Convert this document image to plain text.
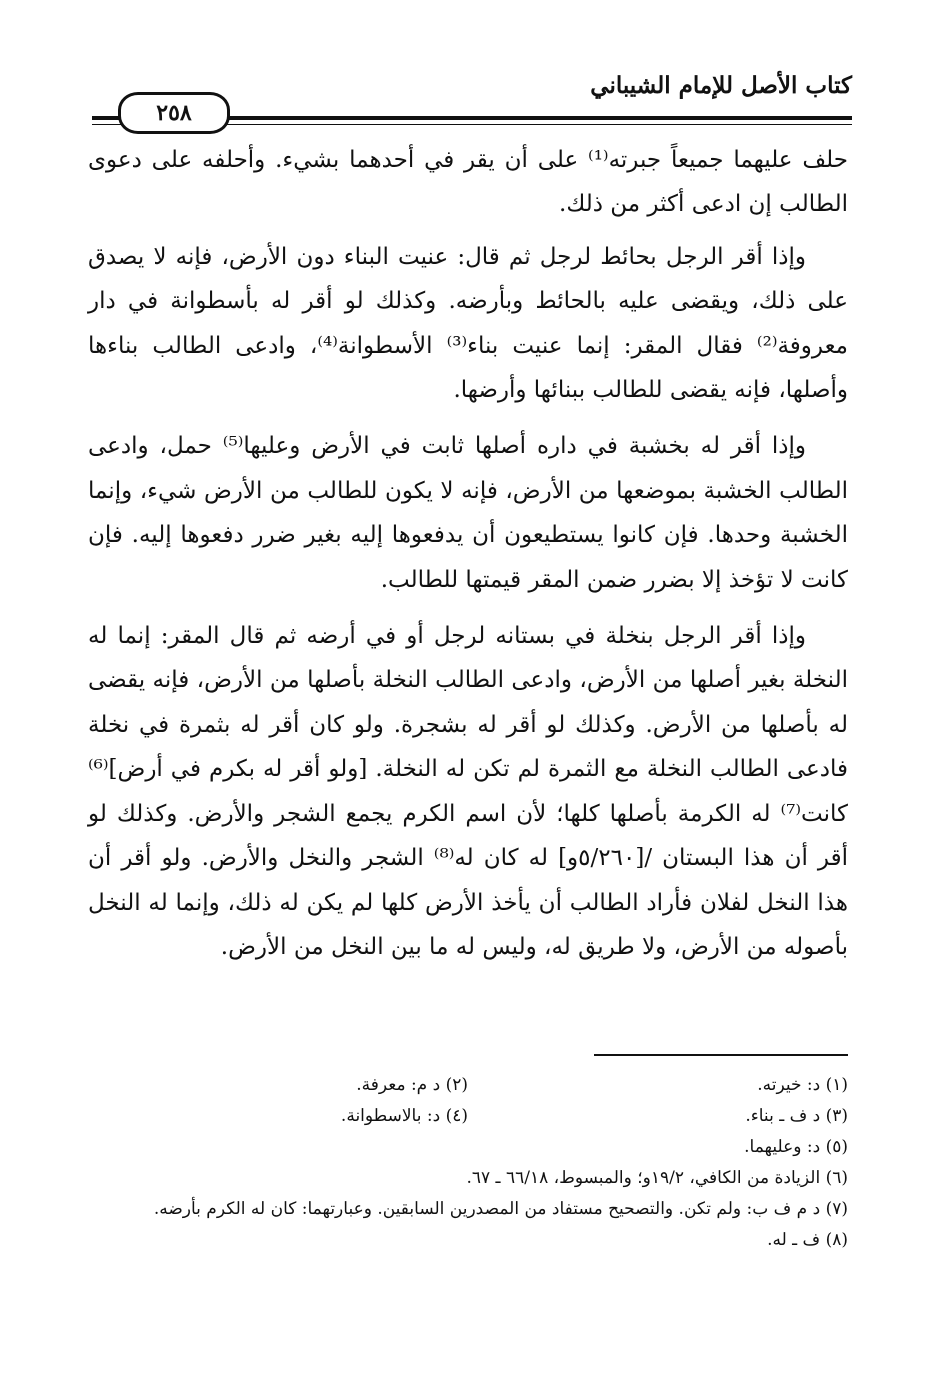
كتاب الأصل للإمام الشيباني
٢٥٨

حلف عليهما جميعاً جبرته⁽¹⁾ على أن يقر في أحدهما بشيء. وأحلفه على دعوى الطالب إن ادعى أكثر من ذلك.

وإذا أقر الرجل بحائط لرجل ثم قال: عنيت البناء دون الأرض، فإنه لا يصدق على ذلك، ويقضى عليه بالحائط وبأرضه. وكذلك لو أقر له بأسطوانة في دار معروفة⁽²⁾ فقال المقر: إنما عنيت بناء⁽³⁾ الأسطوانة⁽⁴⁾، وادعى الطالب بناءها وأصلها، فإنه يقضى للطالب ببنائها وأرضها.

وإذا أقر له بخشبة في داره أصلها ثابت في الأرض وعليها⁽⁵⁾ حمل، وادعى الطالب الخشبة بموضعها من الأرض، فإنه لا يكون للطالب من الأرض شيء، وإنما الخشبة وحدها. فإن كانوا يستطيعون أن يدفعوها إليه بغير ضرر دفعوها إليه. فإن كانت لا تؤخذ إلا بضرر ضمن المقر قيمتها للطالب.

وإذا أقر الرجل بنخلة في بستانه لرجل أو في أرضه ثم قال المقر: إنما له النخلة بغير أصلها من الأرض، وادعى الطالب النخلة بأصلها من الأرض، فإنه يقضى له بأصلها من الأرض. وكذلك لو أقر له بشجرة. ولو كان أقر له بثمرة في نخلة فادعى الطالب النخلة مع الثمرة لم تكن له النخلة. [ولو أقر له بكرم في أرض]⁽⁶⁾ كانت⁽⁷⁾ له الكرمة بأصلها كلها؛ لأن اسم الكرم يجمع الشجر والأرض. وكذلك لو أقر أن هذا البستان /[٥/٢٦٠و] له كان له⁽⁸⁾ الشجر والنخل والأرض. ولو أقر أن هذا النخل لفلان فأراد الطالب أن يأخذ الأرض كلها لم يكن له ذلك، وإنما له النخل بأصوله من الأرض، ولا طريق له، وليس له ما بين النخل من الأرض.

(١) د: خيرته.
(٢) د م: معرفة.
(٣) د ف ـ بناء.
(٤) د: بالاسطوانة.
(٥) د: وعليهما.
(٦) الزيادة من الكافي، ١٩/٢و؛ والمبسوط، ٦٦/١٨ ـ ٦٧.
(٧) د م ف ب: ولم تكن. والتصحيح مستفاد من المصدرين السابقين. وعبارتهما: كان له الكرم بأرضه.
(٨) ف ـ له.
